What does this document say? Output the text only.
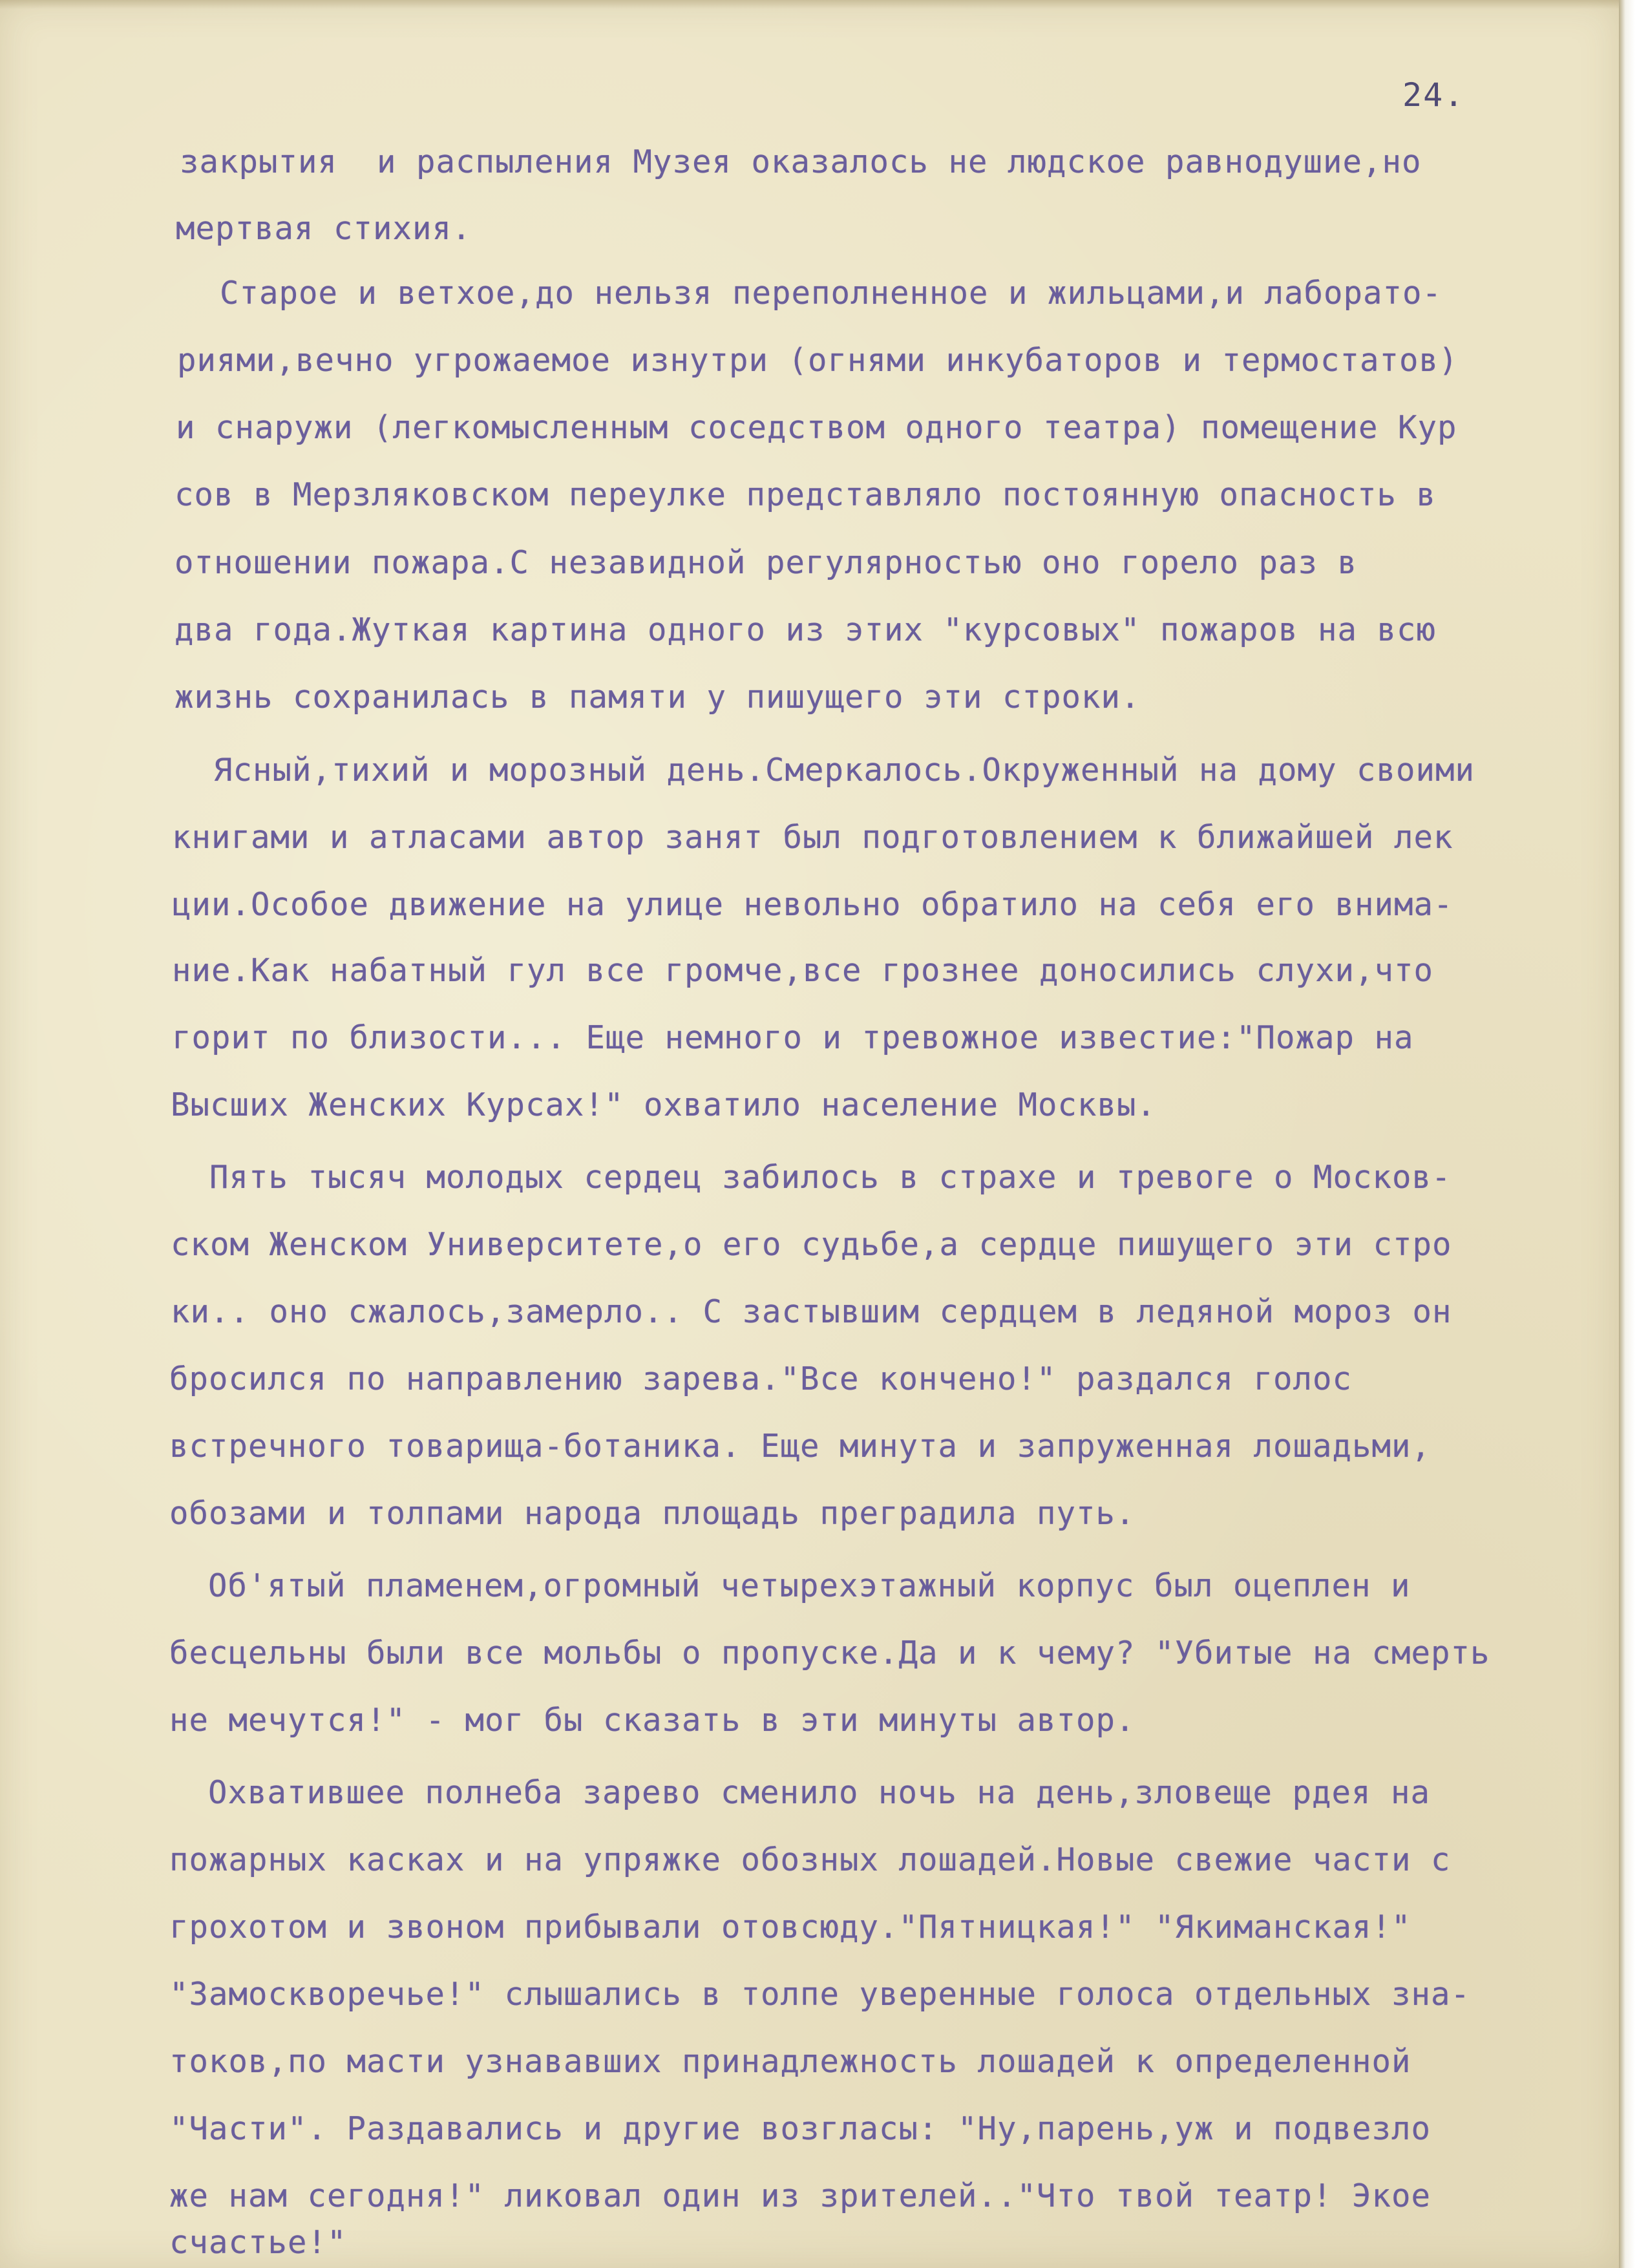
24.
закрытия  и распыления Музея оказалось не людское равнодушие,но
мертвая стихия.
Старое и ветхое,до нельзя переполненное и жильцами,и лаборато-
риями,вечно угрожаемое изнутри (огнями инкубаторов и термостатов)
и снаружи (легкомысленным соседством одного театра) помещение Кур
сов в Мерзляковском переулке представляло постоянную опасность в
отношении пожара.С незавидной регулярностью оно горело раз в
два года.Жуткая картина одного из этих "курсовых" пожаров на всю
жизнь сохранилась в памяти у пишущего эти строки.
Ясный,тихий и морозный день.Смеркалось.Окруженный на дому своими
книгами и атласами автор занят был подготовлением к ближайшей лек
ции.Особое движение на улице невольно обратило на себя его внима-
ние.Как набатный гул все громче,все грознее доносились слухи,что
горит по близости... Еще немного и тревожное известие:"Пожар на
Высших Женских Курсах!" охватило население Москвы.
Пять тысяч молодых сердец забилось в страхе и тревоге о Москов-
ском Женском Университете,о его судьбе,а сердце пишущего эти стро
ки.. оно сжалось,замерло.. С застывшим сердцем в ледяной мороз он
бросился по направлению зарева."Все кончено!" раздался голос
встречного товарища-ботаника. Еще минута и запруженная лошадьми,
обозами и толпами народа площадь преградила путь.
Об'ятый пламенем,огромный четырехэтажный корпус был оцеплен и
бесцельны были все мольбы о пропуске.Да и к чему? "Убитые на смерть
не мечутся!" - мог бы сказать в эти минуты автор.
Охватившее полнеба зарево сменило ночь на день,зловеще рдея на
пожарных касках и на упряжке обозных лошадей.Новые свежие части с
грохотом и звоном прибывали отовсюду."Пятницкая!" "Якиманская!"
"Замоскворечье!" слышались в толпе уверенные голоса отдельных зна-
токов,по масти узнававших принадлежность лошадей к определенной
"Части". Раздавались и другие возгласы: "Ну,парень,уж и подвезло
же нам сегодня!" ликовал один из зрителей.."Что твой театр! Экое
счастье!"
